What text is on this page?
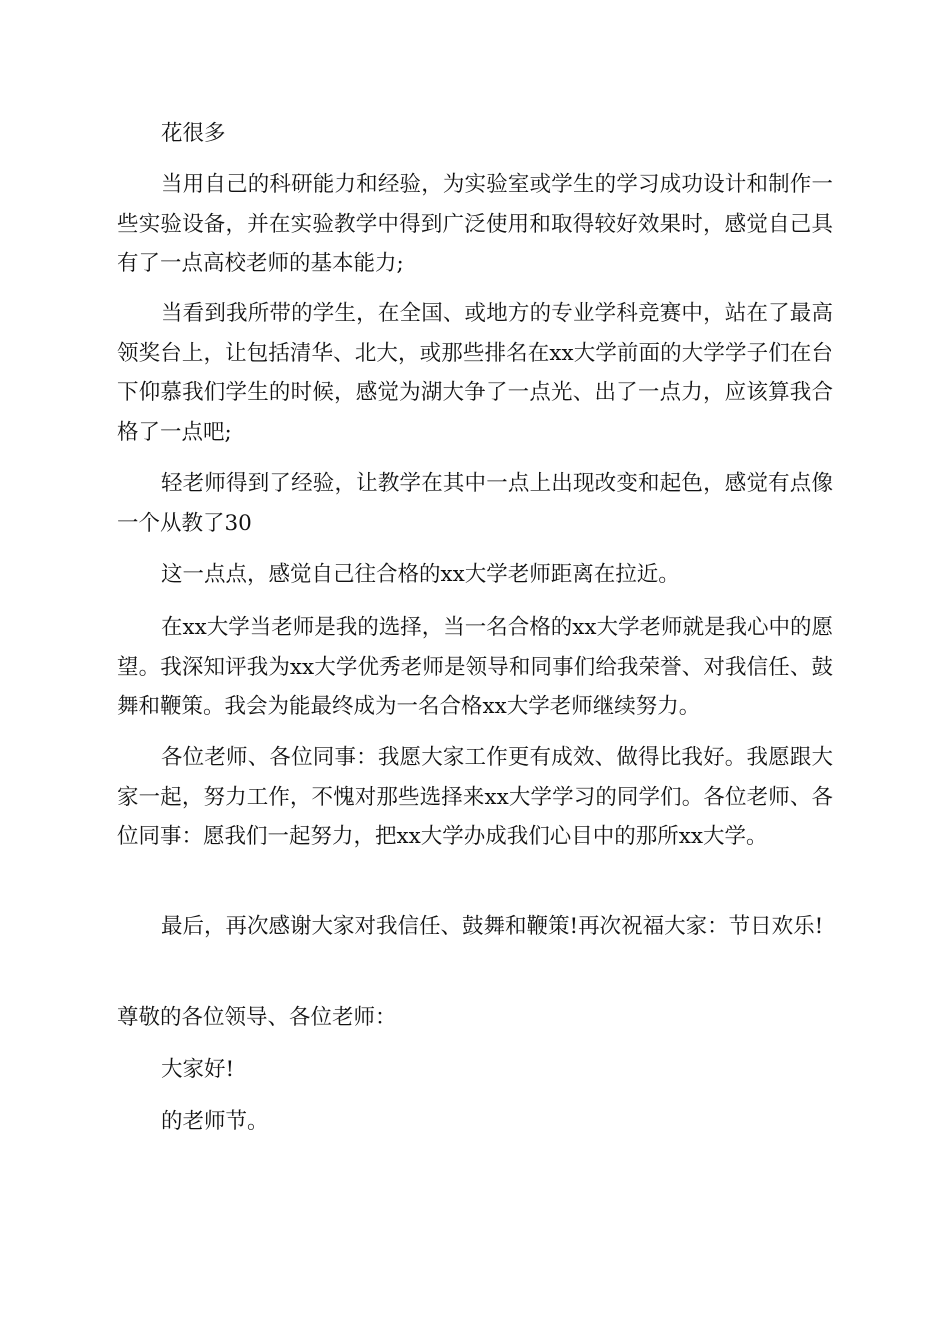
花很多

当用自己的科研能力和经验，为实验室或学生的学习成功设计和制作一些实验设备，并在实验教学中得到广泛使用和取得较好效果时，感觉自己具有了一点高校老师的基本能力;

当看到我所带的学生，在全国、或地方的专业学科竞赛中，站在了最高领奖台上，让包括清华、北大，或那些排名在xx大学前面的大学学子们在台下仰慕我们学生的时候，感觉为湖大争了一点光、出了一点力，应该算我合格了一点吧;

轻老师得到了经验，让教学在其中一点上出现改变和起色，感觉有点像一个从教了30

这一点点，感觉自己往合格的xx大学老师距离在拉近。

在xx大学当老师是我的选择，当一名合格的xx大学老师就是我心中的愿望。我深知评我为xx大学优秀老师是领导和同事们给我荣誉、对我信任、鼓舞和鞭策。我会为能最终成为一名合格xx大学老师继续努力。

各位老师、各位同事：我愿大家工作更有成效、做得比我好。我愿跟大家一起，努力工作，不愧对那些选择来xx大学学习的同学们。各位老师、各位同事：愿我们一起努力，把xx大学办成我们心目中的那所xx大学。

最后，再次感谢大家对我信任、鼓舞和鞭策!再次祝福大家：节日欢乐!

尊敬的各位领导、各位老师：

大家好!

的老师节。
